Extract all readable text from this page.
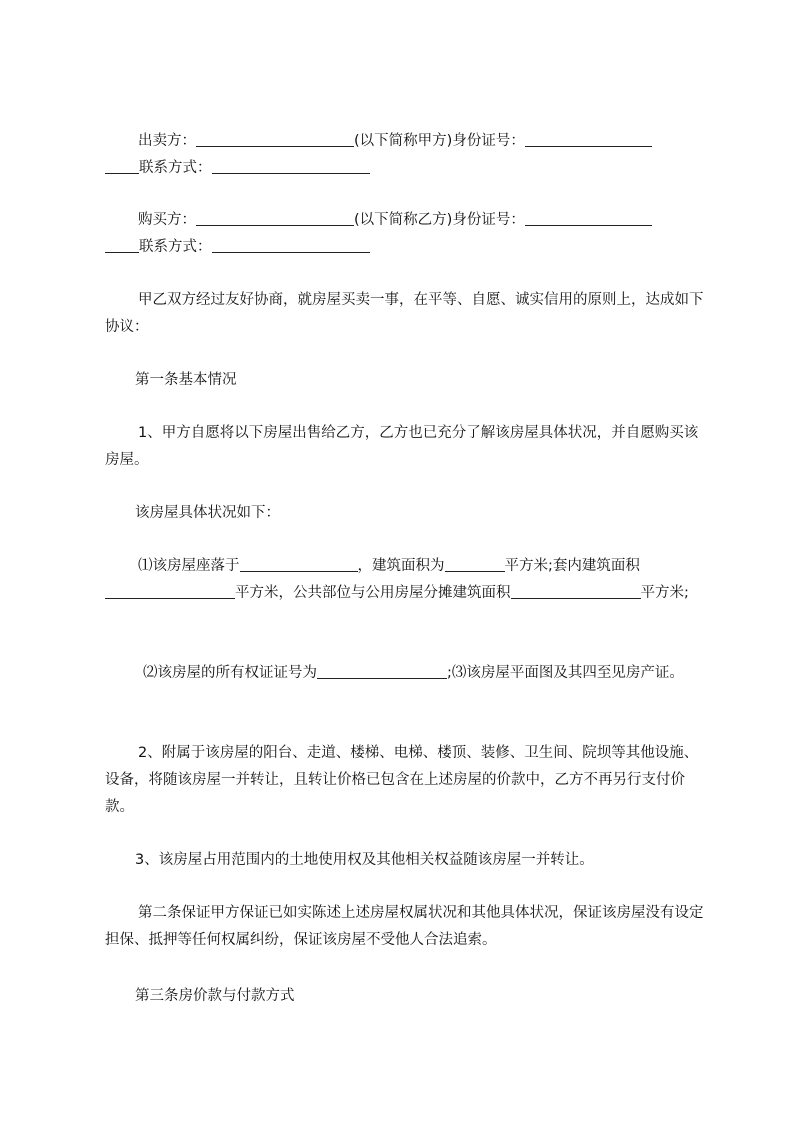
出卖方：	(以下简称甲方)身份证号：
联系方式：

购买方：	(以下简称乙方)身份证号：
联系方式：

甲乙双方经过友好协商，就房屋买卖一事，在平等、自愿、诚实信用的原则上，达成如下协议：

第一条基本情况

1、甲方自愿将以下房屋出售给乙方，乙方也已充分了解该房屋具体状况，并自愿购买该房屋。

该房屋具体状况如下：

⑴该房屋座落于	，建筑面积为	平方米;套内建筑面积
平方米，公共部位与公用房屋分摊建筑面积	平方米;

⑵该房屋的所有权证证号为	;⑶该房屋平面图及其四至见房产证。

2、附属于该房屋的阳台、走道、楼梯、电梯、楼顶、装修、卫生间、院坝等其他设施、设备，将随该房屋一并转让，且转让价格已包含在上述房屋的价款中，乙方不再另行支付价款。

3、该房屋占用范围内的土地使用权及其他相关权益随该房屋一并转让。

第二条保证甲方保证已如实陈述上述房屋权属状况和其他具体状况，保证该房屋没有设定担保、抵押等任何权属纠纷，保证该房屋不受他人合法追索。

第三条房价款与付款方式
